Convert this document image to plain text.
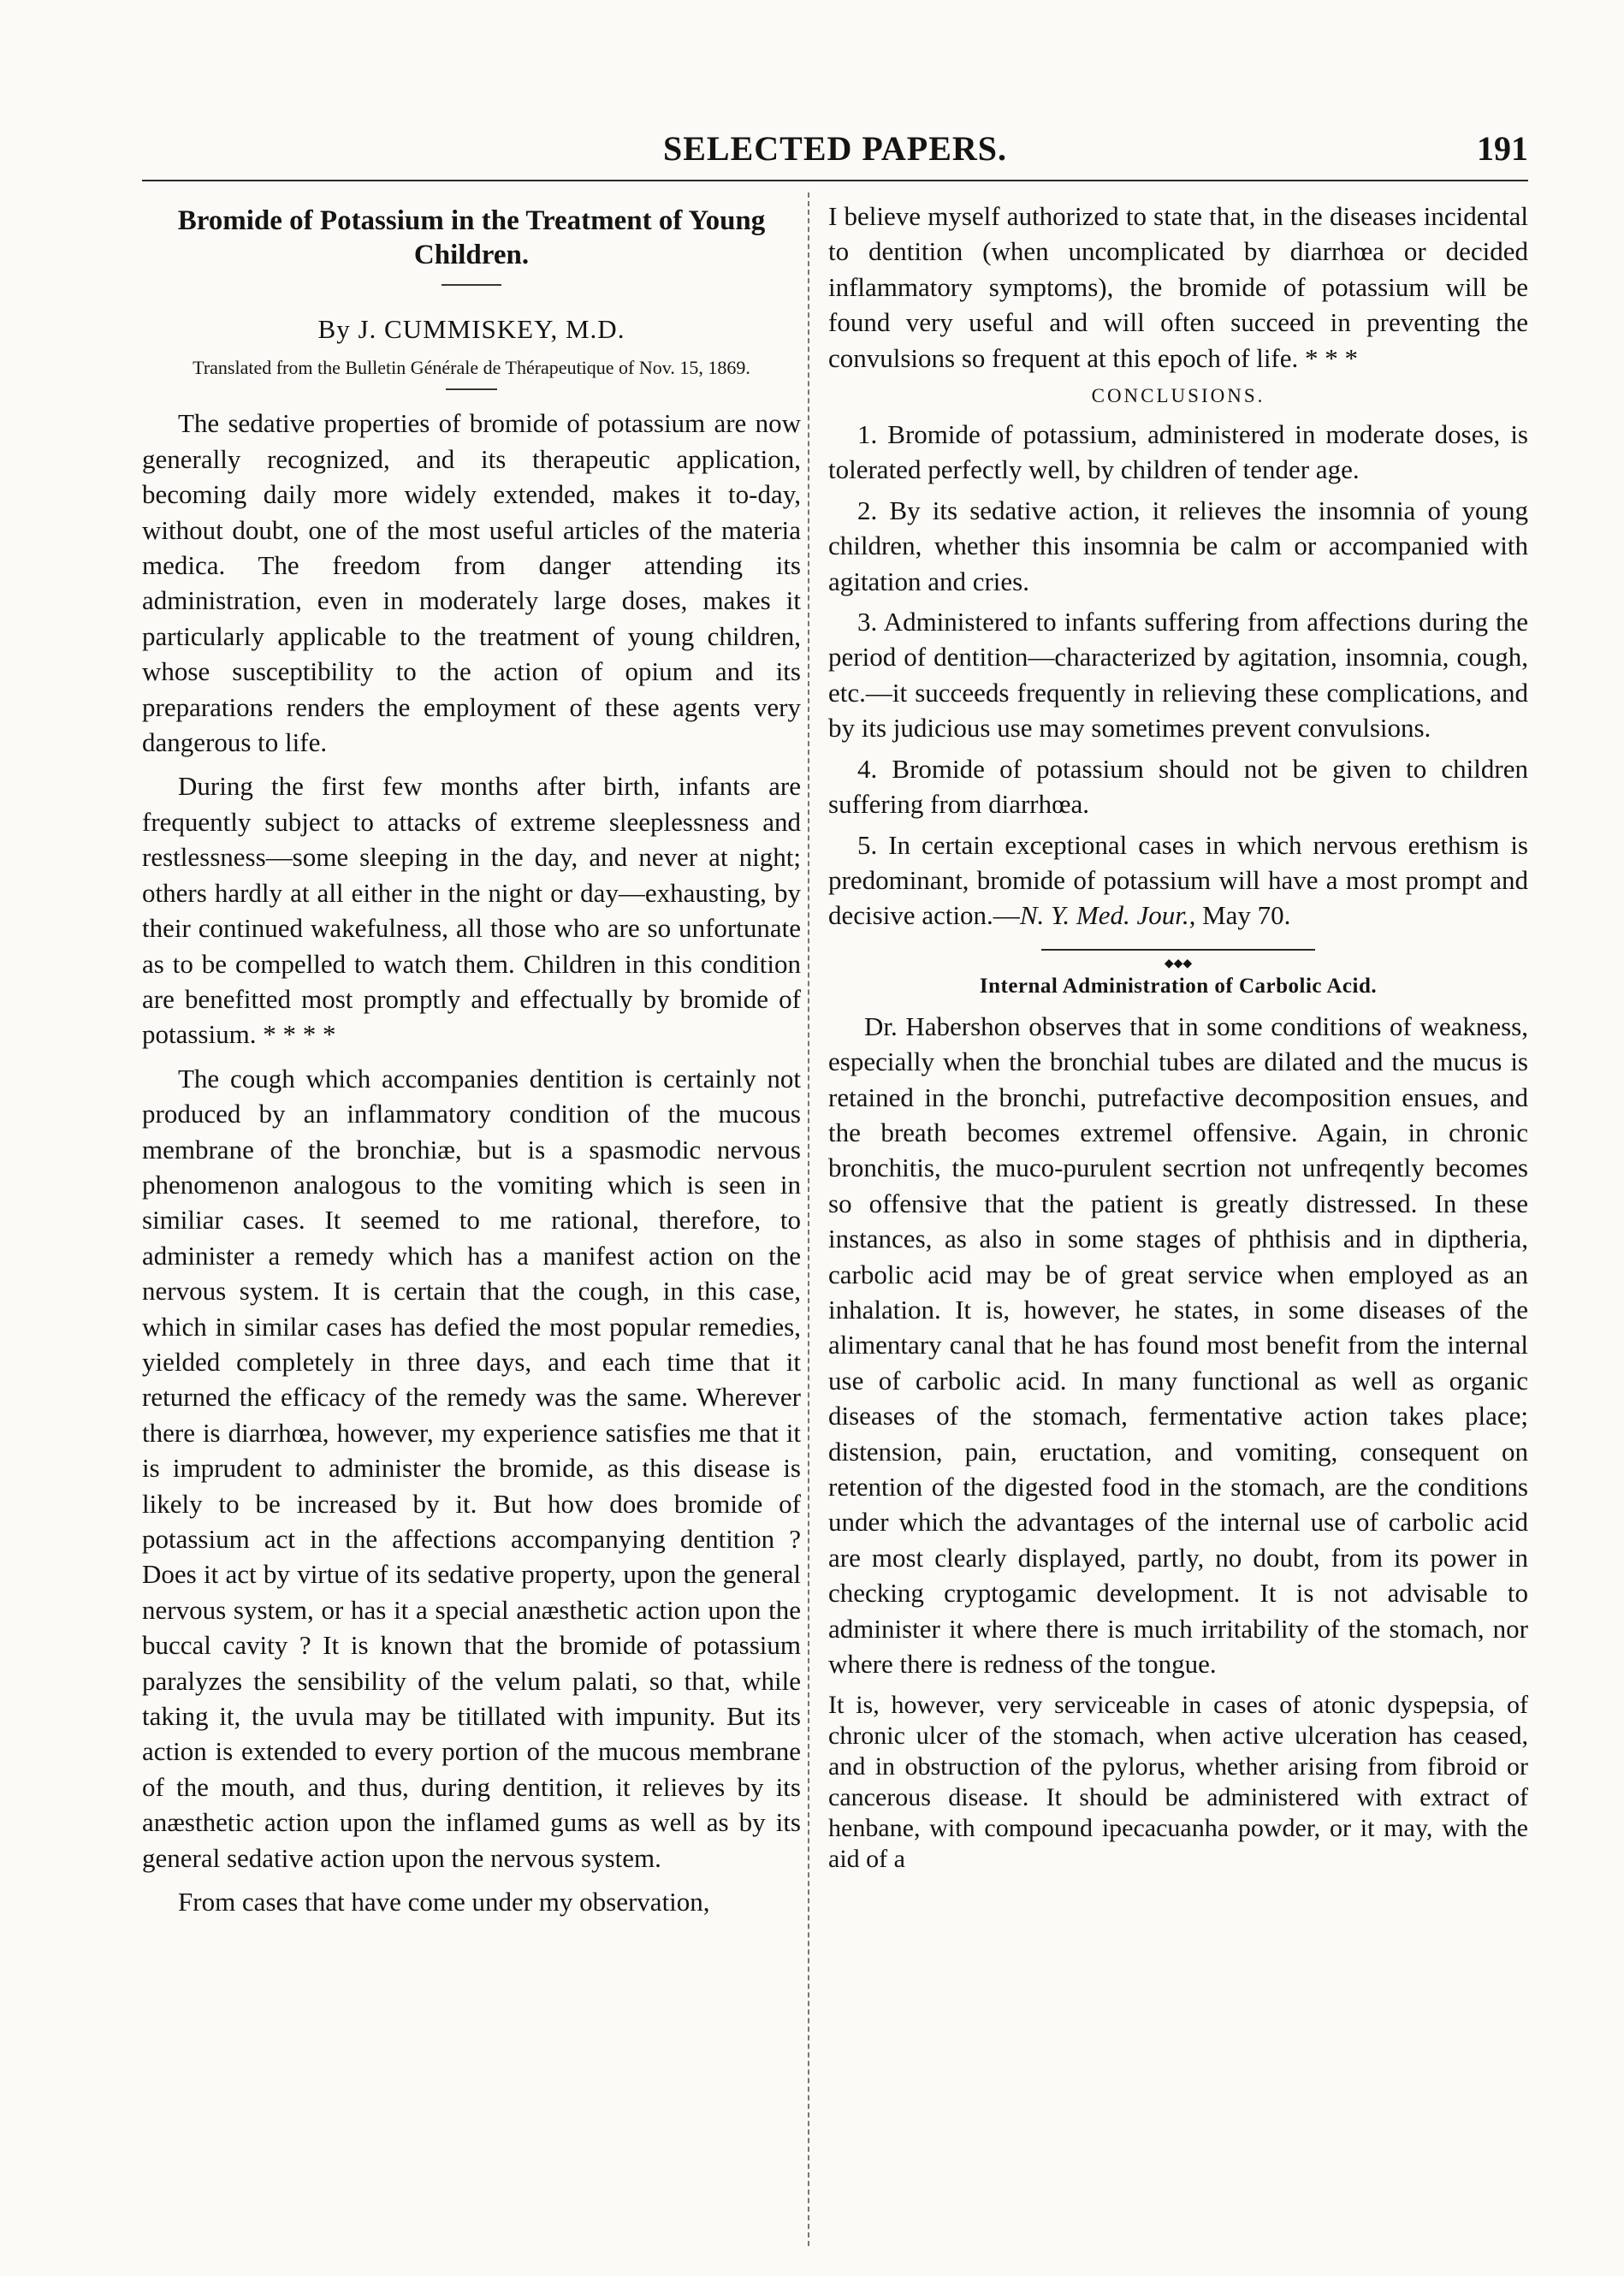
SELECTED PAPERS.	191
Bromide of Potassium in the Treatment of Young Children.
By J. CUMMISKEY, M.D.
Translated from the Bulletin Générale de Thérapeutique of Nov. 15, 1869.

The sedative properties of bromide of potassium are now generally recognized, and its therapeutic application, becoming daily more widely extended, makes it to-day, without doubt, one of the most useful articles of the materia medica. The freedom from danger attending its administration, even in moderately large doses, makes it particularly applicable to the treatment of young children, whose susceptibility to the action of opium and its preparations renders the employment of these agents very dangerous to life.

During the first few months after birth, infants are frequently subject to attacks of extreme sleeplessness and restlessness—some sleeping in the day, and never at night; others hardly at all either in the night or day—exhausting, by their continued wakefulness, all those who are so unfortunate as to be compelled to watch them. Children in this condition are benefitted most promptly and effectually by bromide of potassium. * * * *

The cough which accompanies dentition is certainly not produced by an inflammatory condition of the mucous membrane of the bronchiæ, but is a spasmodic nervous phenomenon analogous to the vomiting which is seen in similiar cases. It seemed to me rational, therefore, to administer a remedy which has a manifest action on the nervous system. It is certain that the cough, in this case, which in similar cases has defied the most popular remedies, yielded completely in three days, and each time that it returned the efficacy of the remedy was the same. Wherever there is diarrhœa, however, my experience satisfies me that it is imprudent to administer the bromide, as this disease is likely to be increased by it. But how does bromide of potassium act in the affections accompanying dentition ? Does it act by virtue of its sedative property, upon the general nervous system, or has it a special anæsthetic action upon the buccal cavity ? It is known that the bromide of potassium paralyzes the sensibility of the velum palati, so that, while taking it, the uvula may be titillated with impunity. But its action is extended to every portion of the mucous membrane of the mouth, and thus, during dentition, it relieves by its anæsthetic action upon the inflamed gums as well as by its general sedative action upon the nervous system.

From cases that have come under my observation,

I believe myself authorized to state that, in the diseases incidental to dentition (when uncomplicated by diarrhœa or decided inflammatory symptoms), the bromide of potassium will be found very useful and will often succeed in preventing the convulsions so frequent at this epoch of life. * * *

CONCLUSIONS.

1. Bromide of potassium, administered in moderate doses, is tolerated perfectly well, by children of tender age.

2. By its sedative action, it relieves the insomnia of young children, whether this insomnia be calm or accompanied with agitation and cries.

3. Administered to infants suffering from affections during the period of dentition—characterized by agitation, insomnia, cough, etc.—it succeeds frequently in relieving these complications, and by its judicious use may sometimes prevent convulsions.

4. Bromide of potassium should not be given to children suffering from diarrhœa.

5. In certain exceptional cases in which nervous erethism is predominant, bromide of potassium will have a most prompt and decisive action.—N. Y. Med. Jour., May 70.

◆◆◆
Internal Administration of Carbolic Acid.

Dr. Habershon observes that in some conditions of weakness, especially when the bronchial tubes are dilated and the mucus is retained in the bronchi, putrefactive decomposition ensues, and the breath becomes extremel offensive. Again, in chronic bronchitis, the muco-purulent secrtion not unfreqently becomes so offensive that the patient is greatly distressed. In these instances, as also in some stages of phthisis and in diptheria, carbolic acid may be of great service when employed as an inhalation. It is, however, he states, in some diseases of the alimentary canal that he has found most benefit from the internal use of carbolic acid. In many functional as well as organic diseases of the stomach, fermentative action takes place; distension, pain, eructation, and vomiting, consequent on retention of the digested food in the stomach, are the conditions under which the advantages of the internal use of carbolic acid are most clearly displayed, partly, no doubt, from its power in checking cryptogamic development. It is not advisable to administer it where there is much irritability of the stomach, nor where there is redness of the tongue.

It is, however, very serviceable in cases of atonic dyspepsia, of chronic ulcer of the stomach, when active ulceration has ceased, and in obstruction of the pylorus, whether arising from fibroid or cancerous disease. It should be administered with extract of henbane, with compound ipecacuanha powder, or it may, with the aid of a
